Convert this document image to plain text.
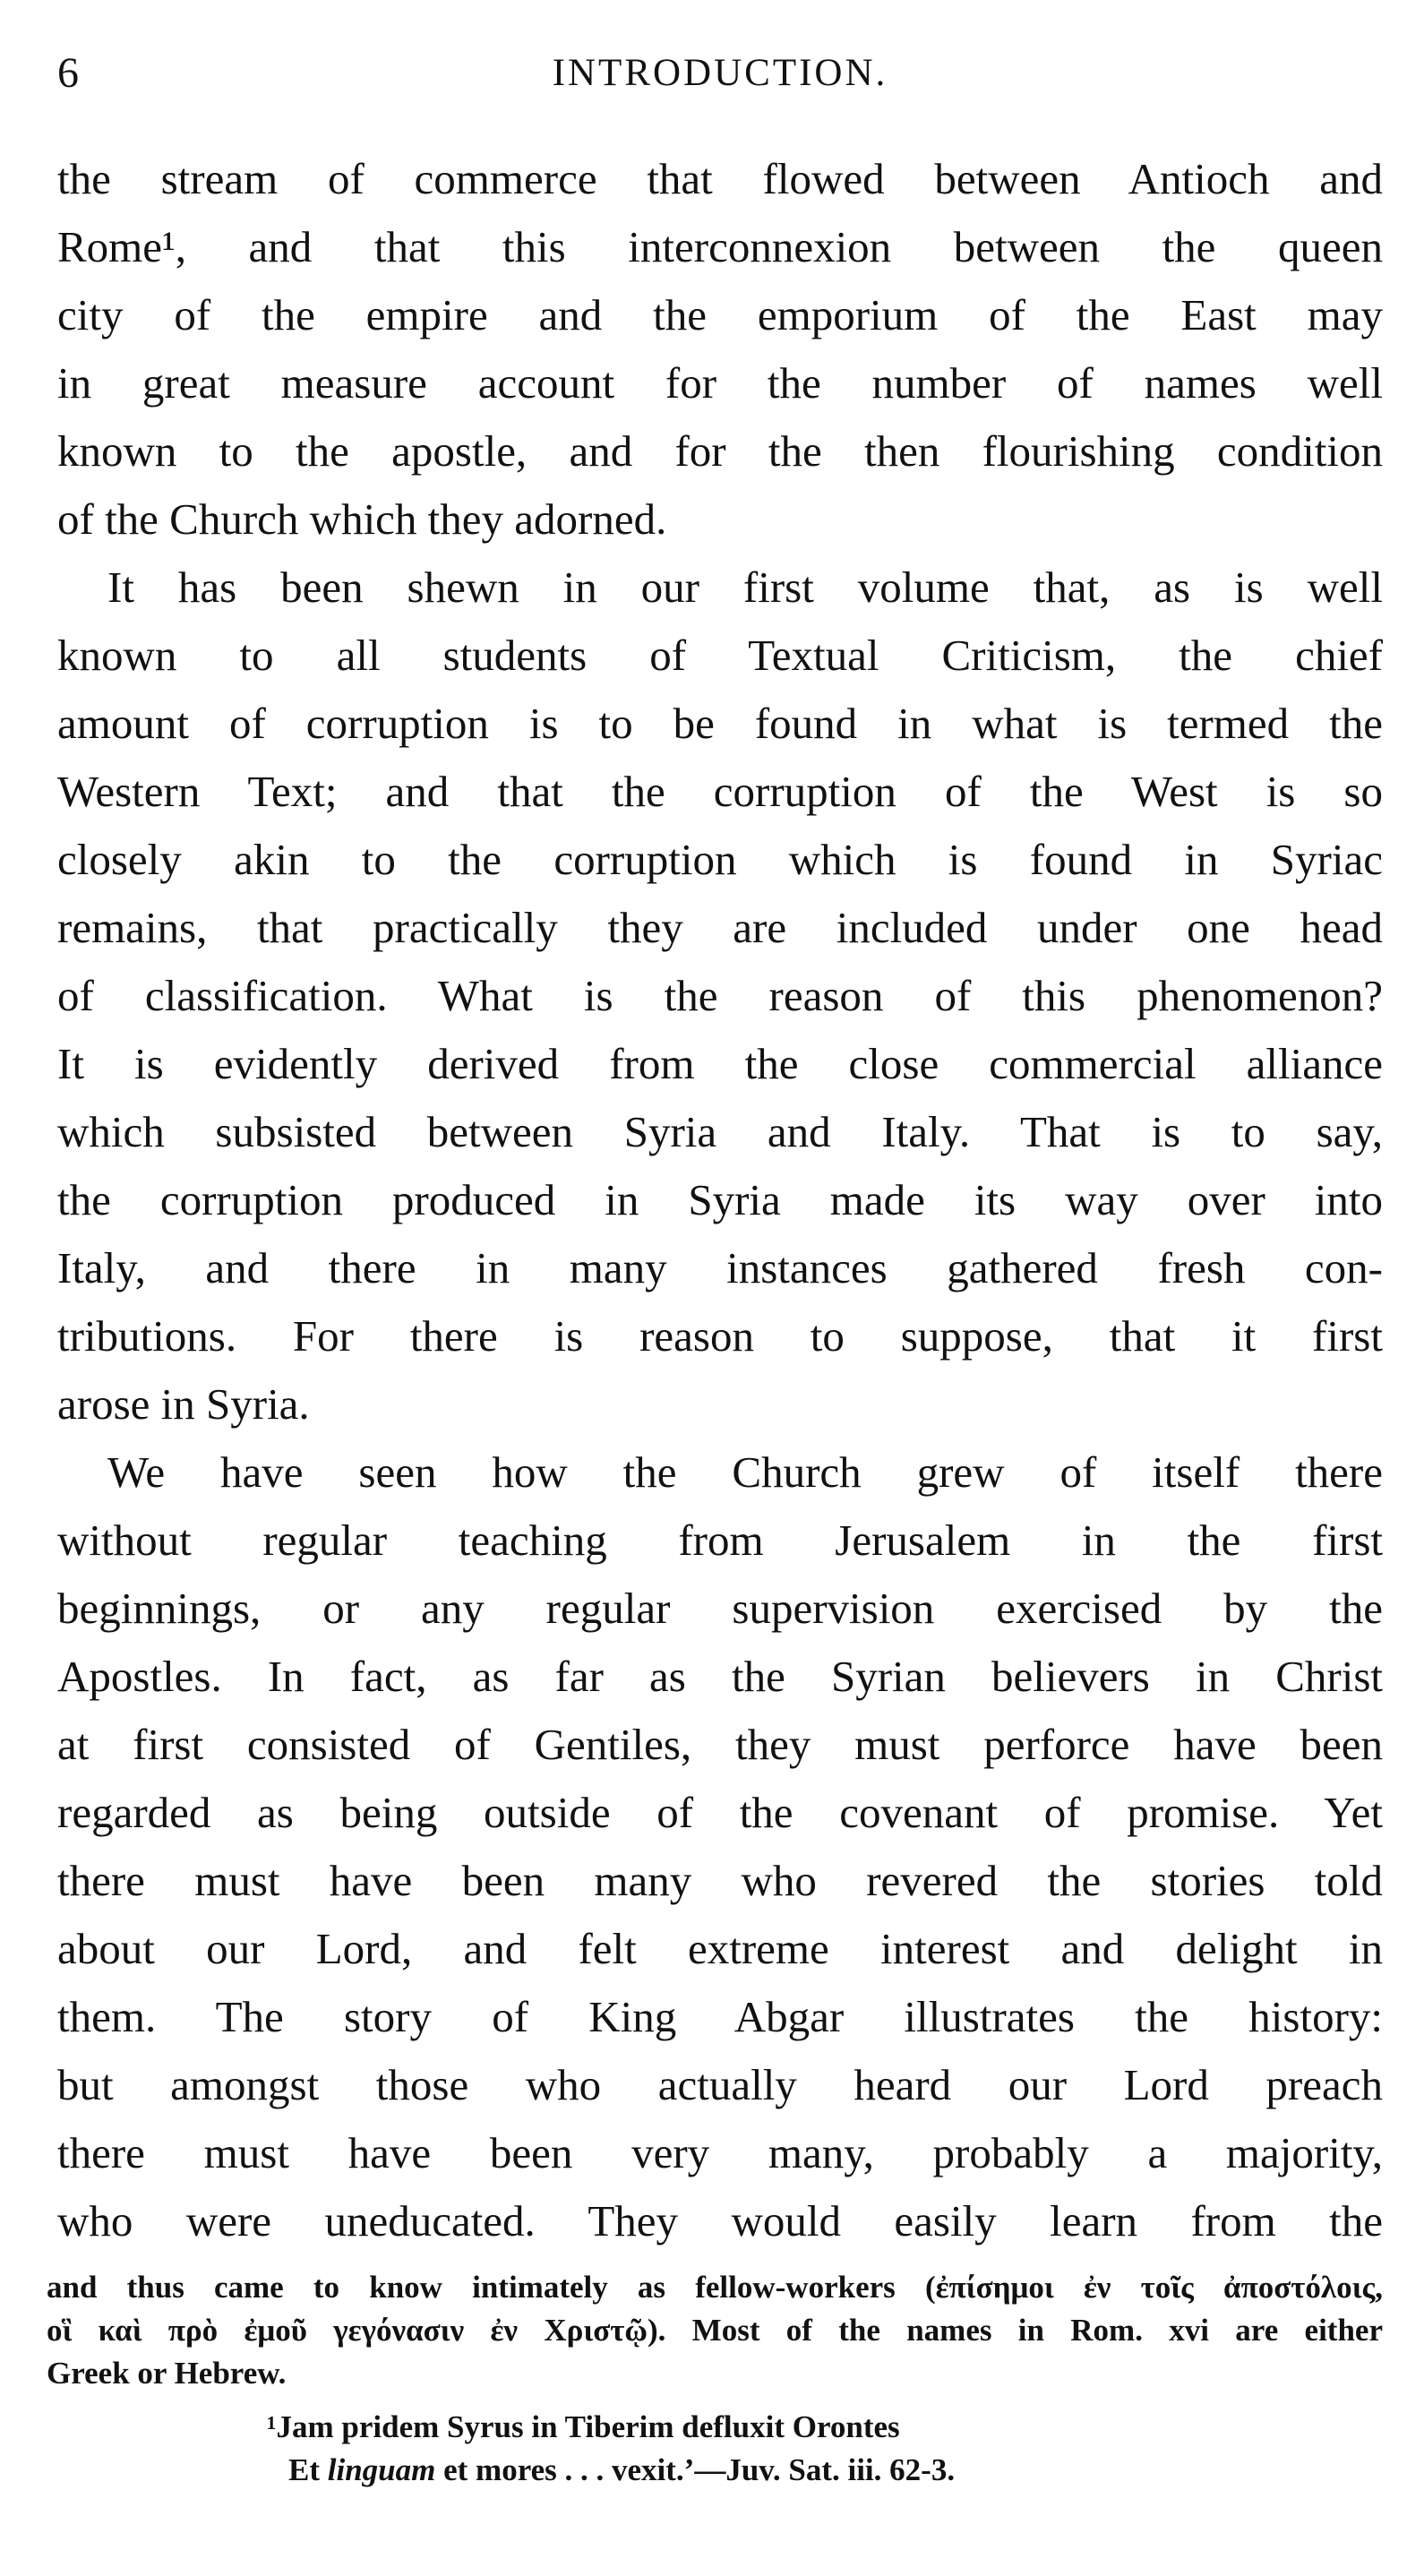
6	INTRODUCTION.
the stream of commerce that flowed between Antioch and
Rome¹, and that this interconnexion between the queen
city of the empire and the emporium of the East may
in great measure account for the number of names well
known to the apostle, and for the then flourishing condition
of the Church which they adorned.
It has been shewn in our first volume that, as is well
known to all students of Textual Criticism, the chief
amount of corruption is to be found in what is termed the
Western Text; and that the corruption of the West is so
closely akin to the corruption which is found in Syriac
remains, that practically they are included under one head
of classification. What is the reason of this phenomenon?
It is evidently derived from the close commercial alliance
which subsisted between Syria and Italy. That is to say,
the corruption produced in Syria made its way over into
Italy, and there in many instances gathered fresh con-
tributions. For there is reason to suppose, that it first
arose in Syria.
We have seen how the Church grew of itself there
without regular teaching from Jerusalem in the first
beginnings, or any regular supervision exercised by the
Apostles. In fact, as far as the Syrian believers in Christ
at first consisted of Gentiles, they must perforce have been
regarded as being outside of the covenant of promise. Yet
there must have been many who revered the stories told
about our Lord, and felt extreme interest and delight in
them. The story of King Abgar illustrates the history:
but amongst those who actually heard our Lord preach
there must have been very many, probably a majority,
who were uneducated. They would easily learn from the
and thus came to know intimately as fellow-workers (ἐπίσημοι ἐν τοῖς ἀποστόλοις,
οἳ καὶ πρὸ ἐμοῦ γεγόνασιν ἐν Χριστῷ). Most of the names in Rom. xvi are either
Greek or Hebrew.
¹Jam pridem Syrus in Tiberim defluxit Orontes
Et linguam et mores . . . vexit.’—Juv. Sat. iii. 62-3.
